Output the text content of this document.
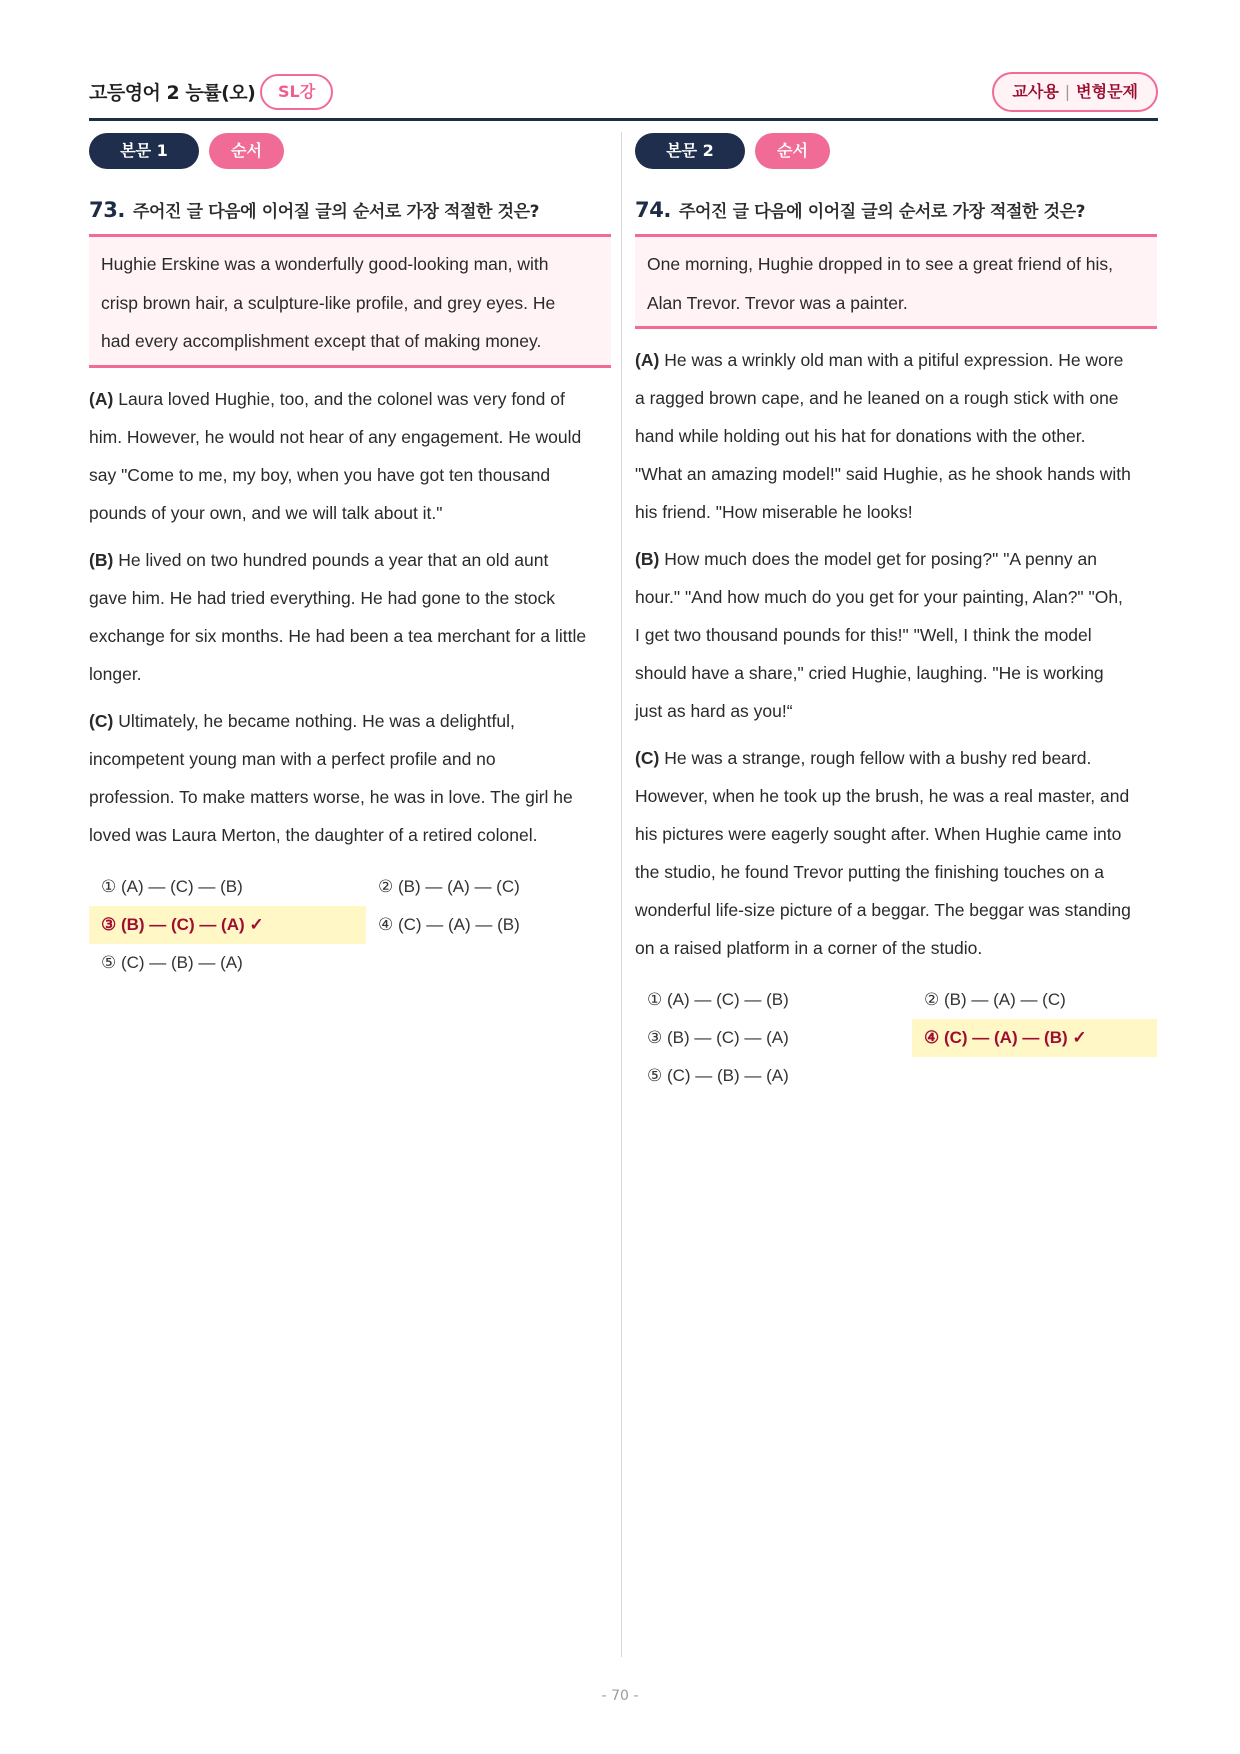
고등영어 2 능률(오)	SL강	교사용 | 변형문제
본문 1	순서
73. 주어진 글 다음에 이어질 글의 순서로 가장 적절한 것은?
Hughie Erskine was a wonderfully good-looking man, with
crisp brown hair, a sculpture-like profile, and grey eyes. He
had every accomplishment except that of making money.
(A) Laura loved Hughie, too, and the colonel was very fond of
him. However, he would not hear of any engagement. He would
say "Come to me, my boy, when you have got ten thousand
pounds of your own, and we will talk about it."
(B) He lived on two hundred pounds a year that an old aunt
gave him. He had tried everything. He had gone to the stock
exchange for six months. He had been a tea merchant for a little
longer.
(C) Ultimately, he became nothing. He was a delightful,
incompetent young man with a perfect profile and no
profession. To make matters worse, he was in love. The girl he
loved was Laura Merton, the daughter of a retired colonel.
① (A) — (C) — (B)	② (B) — (A) — (C)
③ (B) — (C) — (A) ✓	④ (C) — (A) — (B)
⑤ (C) — (B) — (A)
본문 2	순서
74. 주어진 글 다음에 이어질 글의 순서로 가장 적절한 것은?
One morning, Hughie dropped in to see a great friend of his,
Alan Trevor. Trevor was a painter.
(A) He was a wrinkly old man with a pitiful expression. He wore
a ragged brown cape, and he leaned on a rough stick with one
hand while holding out his hat for donations with the other.
"What an amazing model!" said Hughie, as he shook hands with
his friend. "How miserable he looks!
(B) How much does the model get for posing?" "A penny an
hour." "And how much do you get for your painting, Alan?" "Oh,
I get two thousand pounds for this!" "Well, I think the model
should have a share," cried Hughie, laughing. "He is working
just as hard as you!“
(C) He was a strange, rough fellow with a bushy red beard.
However, when he took up the brush, he was a real master, and
his pictures were eagerly sought after. When Hughie came into
the studio, he found Trevor putting the finishing touches on a
wonderful life-size picture of a beggar. The beggar was standing
on a raised platform in a corner of the studio.
① (A) — (C) — (B)	② (B) — (A) — (C)
③ (B) — (C) — (A)	④ (C) — (A) — (B) ✓
⑤ (C) — (B) — (A)
- 70 -
